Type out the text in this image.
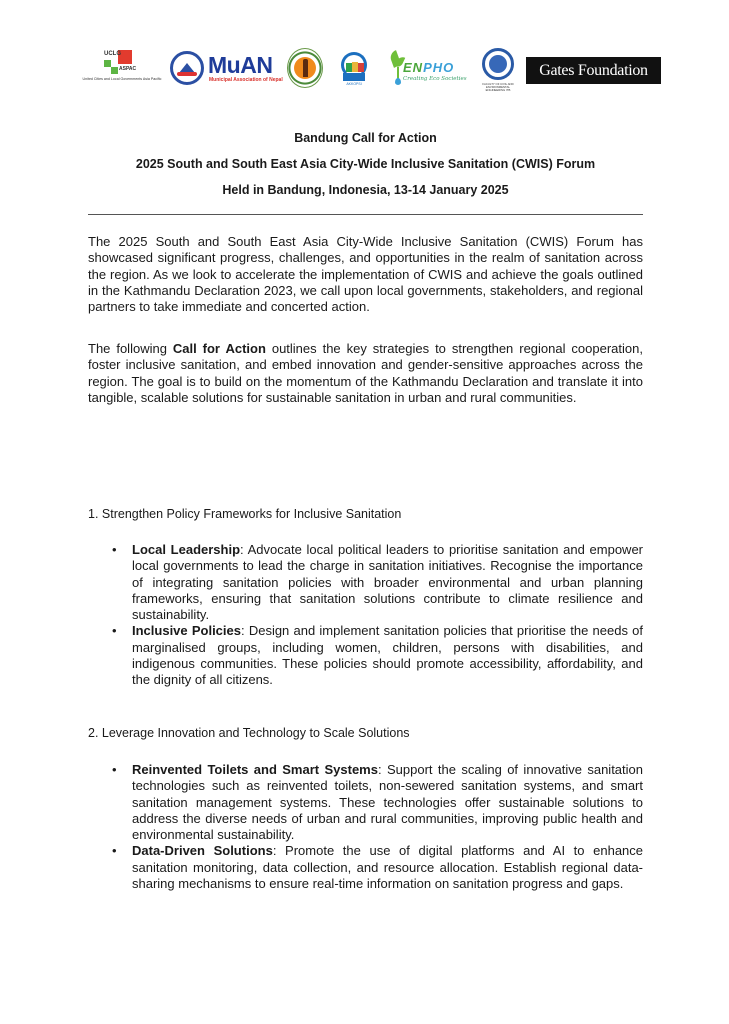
UCLG
ASPAC
United Cities and Local Governments Asia Pacific
MuAN
Municipal Association of Nepal
AKKOPSI
ENPHO
Creating Eco Societies
FACULTY OF CIVIL AND ENVIRONMENTAL ENGINEERING ITB
Gates Foundation
Bandung Call for Action
2025 South and South East Asia City-Wide Inclusive Sanitation (CWIS) Forum
Held in Bandung, Indonesia, 13-14 January 2025
The 2025 South and South East Asia City-Wide Inclusive Sanitation (CWIS) Forum has showcased significant progress, challenges, and opportunities in the realm of sanitation across the region. As we look to accelerate the implementation of CWIS and achieve the goals outlined in the Kathmandu Declaration 2023, we call upon local governments, stakeholders, and regional partners to take immediate and concerted action.
The following Call for Action outlines the key strategies to strengthen regional cooperation, foster inclusive sanitation, and embed innovation and gender-sensitive approaches across the region. The goal is to build on the momentum of the Kathmandu Declaration and translate it into tangible, scalable solutions for sustainable sanitation in urban and rural communities.
1. Strengthen Policy Frameworks for Inclusive Sanitation
• Local Leadership: Advocate local political leaders to prioritise sanitation and empower local governments to lead the charge in sanitation initiatives. Recognise the importance of integrating sanitation policies with broader environmental and urban planning frameworks, ensuring that sanitation solutions contribute to climate resilience and sustainability.
• Inclusive Policies: Design and implement sanitation policies that prioritise the needs of marginalised groups, including women, children, persons with disabilities, and indigenous communities. These policies should promote accessibility, affordability, and the dignity of all citizens.
2. Leverage Innovation and Technology to Scale Solutions
• Reinvented Toilets and Smart Systems: Support the scaling of innovative sanitation technologies such as reinvented toilets, non-sewered sanitation systems, and smart sanitation management systems. These technologies offer sustainable solutions to address the diverse needs of urban and rural communities, improving public health and environmental sustainability.
• Data-Driven Solutions: Promote the use of digital platforms and AI to enhance sanitation monitoring, data collection, and resource allocation. Establish regional data-sharing mechanisms to ensure real-time information on sanitation progress and gaps.
